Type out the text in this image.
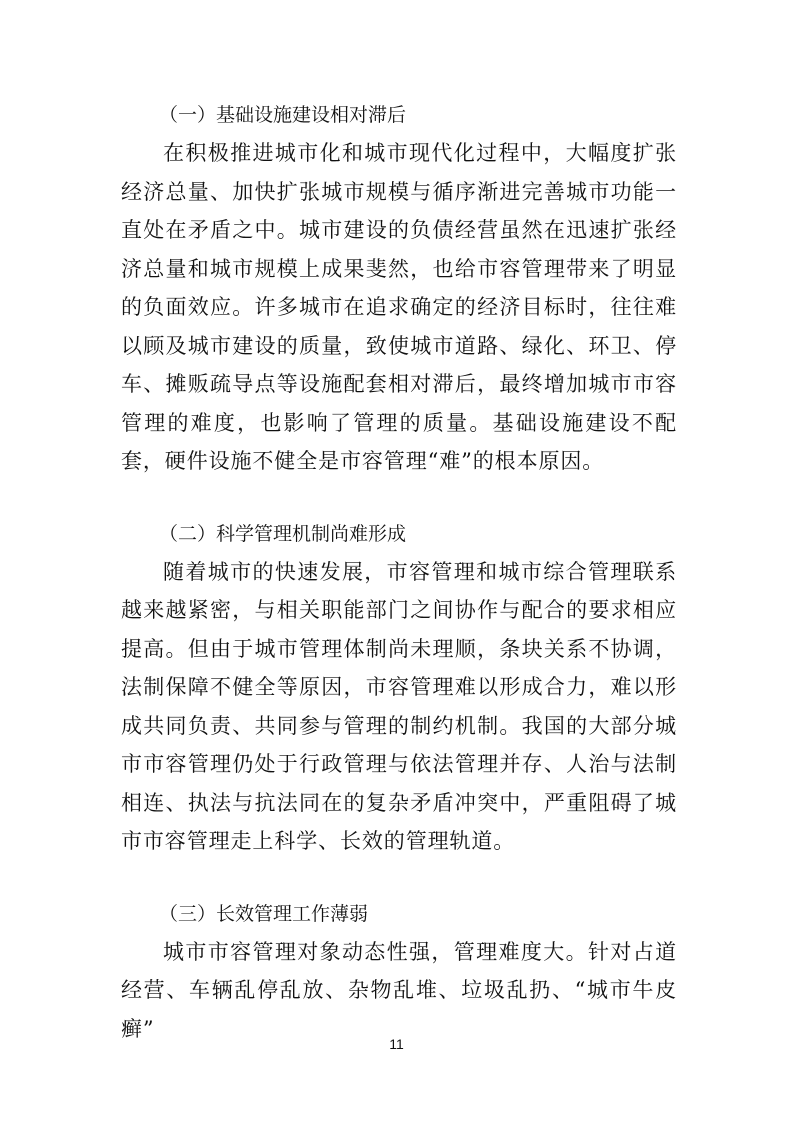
（一）基础设施建设相对滞后

在积极推进城市化和城市现代化过程中，大幅度扩张经济总量、加快扩张城市规模与循序渐进完善城市功能一直处在矛盾之中。城市建设的负债经营虽然在迅速扩张经济总量和城市规模上成果斐然，也给市容管理带来了明显的负面效应。许多城市在追求确定的经济目标时，往往难以顾及城市建设的质量，致使城市道路、绿化、环卫、停车、摊贩疏导点等设施配套相对滞后，最终增加城市市容管理的难度，也影响了管理的质量。基础设施建设不配套，硬件设施不健全是市容管理“难”的根本原因。

（二）科学管理机制尚难形成

随着城市的快速发展，市容管理和城市综合管理联系越来越紧密，与相关职能部门之间协作与配合的要求相应提高。但由于城市管理体制尚未理顺，条块关系不协调，法制保障不健全等原因，市容管理难以形成合力，难以形成共同负责、共同参与管理的制约机制。我国的大部分城市市容管理仍处于行政管理与依法管理并存、人治与法制相连、执法与抗法同在的复杂矛盾冲突中，严重阻碍了城市市容管理走上科学、长效的管理轨道。

（三）长效管理工作薄弱

城市市容管理对象动态性强，管理难度大。针对占道经营、车辆乱停乱放、杂物乱堆、垃圾乱扔、“城市牛皮癣”

11
